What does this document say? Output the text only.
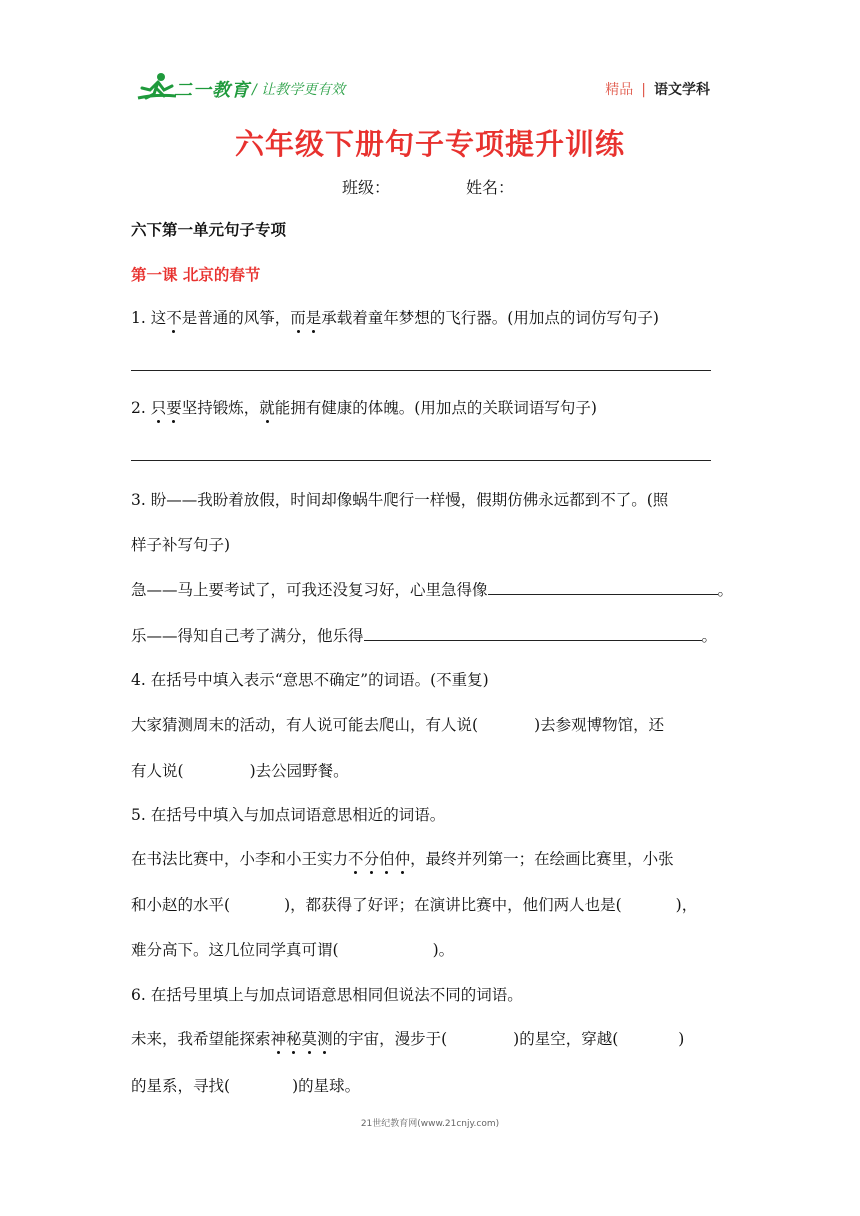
二一教育 / 让教学更有效	精品 | 语文学科
六年级下册句子专项提升训练
班级：	姓名：
六下第一单元句子专项
第一课 北京的春节
1. 这不是普通的风筝，而是承载着童年梦想的飞行器。(用加点的词仿写句子)
2. 只要坚持锻炼，就能拥有健康的体魄。(用加点的关联词语写句子)
3. 盼——我盼着放假，时间却像蜗牛爬行一样慢，假期仿佛永远都到不了。(照
样子补写句子)
急——马上要考试了，可我还没复习好，心里急得像	。
乐——得知自己考了满分，他乐得	。
4. 在括号中填入表示“意思不确定”的词语。(不重复)
大家猜测周末的活动，有人说可能去爬山，有人说(	)去参观博物馆，还
有人说(	)去公园野餐。
5. 在括号中填入与加点词语意思相近的词语。
在书法比赛中，小李和小王实力不分伯仲，最终并列第一；在绘画比赛里，小张
和小赵的水平(	)，都获得了好评；在演讲比赛中，他们两人也是(	)，
难分高下。这几位同学真可谓(	)。
6. 在括号里填上与加点词语意思相同但说法不同的词语。
未来，我希望能探索神秘莫测的宇宙，漫步于(	)的星空，穿越(	)
的星系，寻找(	)的星球。
21世纪教育网(www.21cnjy.com)
